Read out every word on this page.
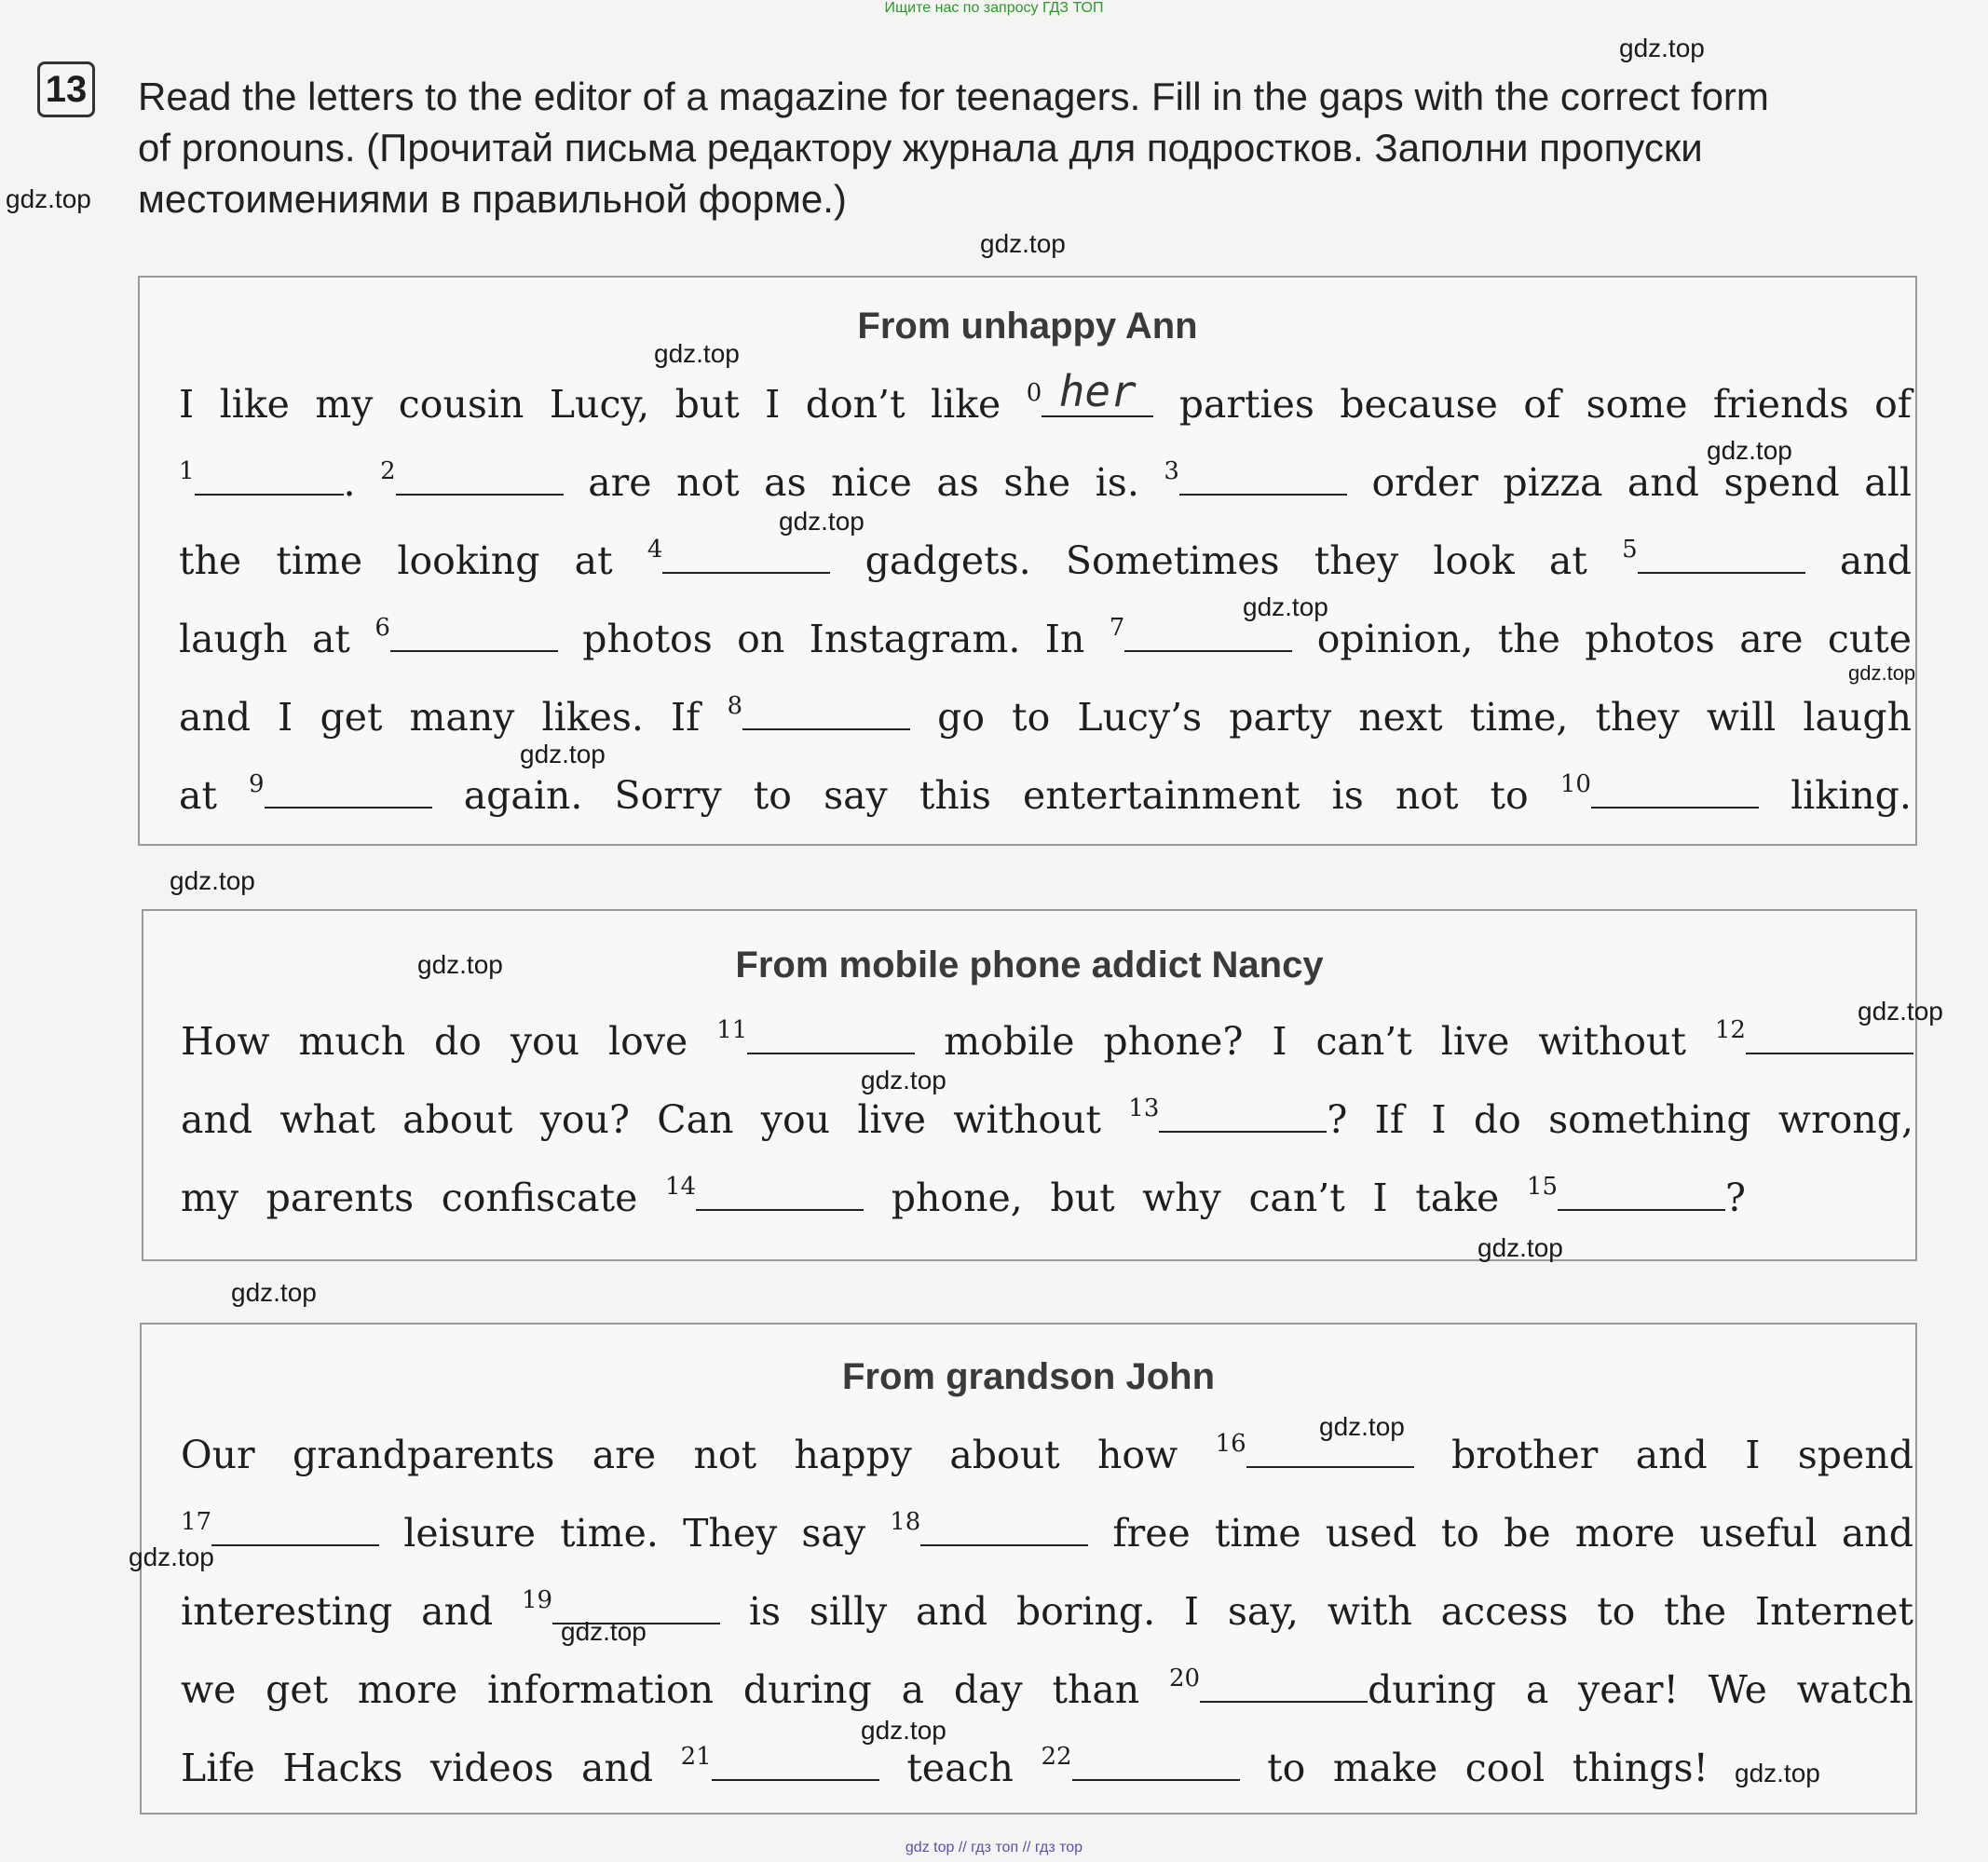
Ищите нас по запросу ГДЗ ТОП
13 Read the letters to the editor of a magazine for teenagers. Fill in the gaps with the correct form
of pronouns. (Прочитай письма редактору журнала для подростков. Заполни пропуски
местоимениями в правильной форме.)
From unhappy Ann
I like my cousin Lucy, but I don’t like $^0$ her	parties because of some friends of
$^1$	. $^2$	are not as nice as she is. $^3$	order pizza and spend all
the time looking at $^4$	gadgets. Sometimes they look at $^5$	and
laugh at $^6$	photos on Instagram. In $^7$	opinion, the photos are cute
and I get many likes. If $^8$	go to Lucy’s party next time, they will laugh
at $^9$	again. Sorry to say this entertainment is not to $^{10}$	liking.
From mobile phone addict Nancy
How much do you love $^{11}$	mobile phone? I can’t live without $^{12}$
and what about you? Can you live without $^{13}$	? If I do something wrong,
my parents confiscate $^{14}$	phone, but why can’t I take $^{15}$	?
From grandson John
Our grandparents are not happy about how $^{16}$	brother and I spend
$^{17}$	leisure time. They say $^{18}$	free time used to be more useful and
interesting and $^{19}$	is silly and boring. I say, with access to the Internet
we get more information during a day than $^{20}$	during a year! We watch
Life Hacks videos and $^{21}$	teach $^{22}$	to make cool things!
gdz.top
gdz.top
gdz.top
gdz.top
gdz.top
gdz.top
gdz.top
gdz.top
gdz.top
gdz.top
gdz.top
gdz.top
gdz.top
gdz.top
gdz.top
gdz.top
gdz.top
gdz.top
gdz.top
gdz.top
gdz top // гдз топ // гдз тор
